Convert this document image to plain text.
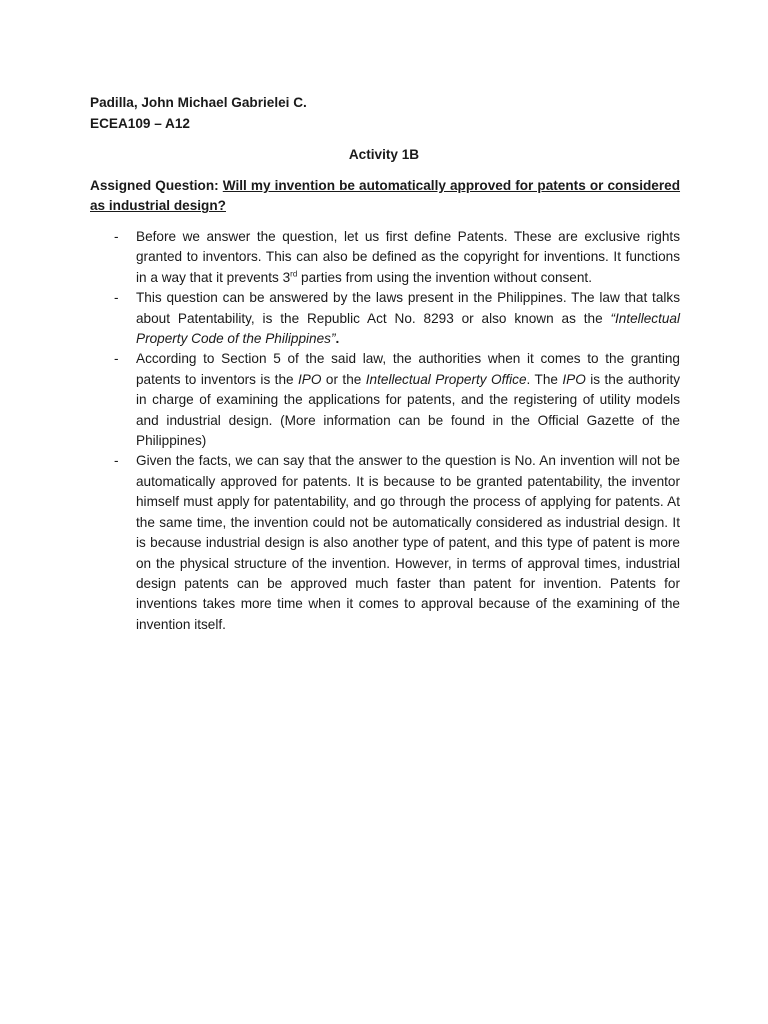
Padilla, John Michael Gabrielei C.
ECEA109 – A12
Activity 1B
Assigned Question: Will my invention be automatically approved for patents or considered as industrial design?
- Before we answer the question, let us first define Patents. These are exclusive rights granted to inventors. This can also be defined as the copyright for inventions. It functions in a way that it prevents 3rd parties from using the invention without consent.
- This question can be answered by the laws present in the Philippines. The law that talks about Patentability, is the Republic Act No. 8293 or also known as the “Intellectual Property Code of the Philippines”.
- According to Section 5 of the said law, the authorities when it comes to the granting patents to inventors is the IPO or the Intellectual Property Office. The IPO is the authority in charge of examining the applications for patents, and the registering of utility models and industrial design. (More information can be found in the Official Gazette of the Philippines)
- Given the facts, we can say that the answer to the question is No. An invention will not be automatically approved for patents. It is because to be granted patentability, the inventor himself must apply for patentability, and go through the process of applying for patents. At the same time, the invention could not be automatically considered as industrial design. It is because industrial design is also another type of patent, and this type of patent is more on the physical structure of the invention. However, in terms of approval times, industrial design patents can be approved much faster than patent for invention. Patents for inventions takes more time when it comes to approval because of the examining of the invention itself.
